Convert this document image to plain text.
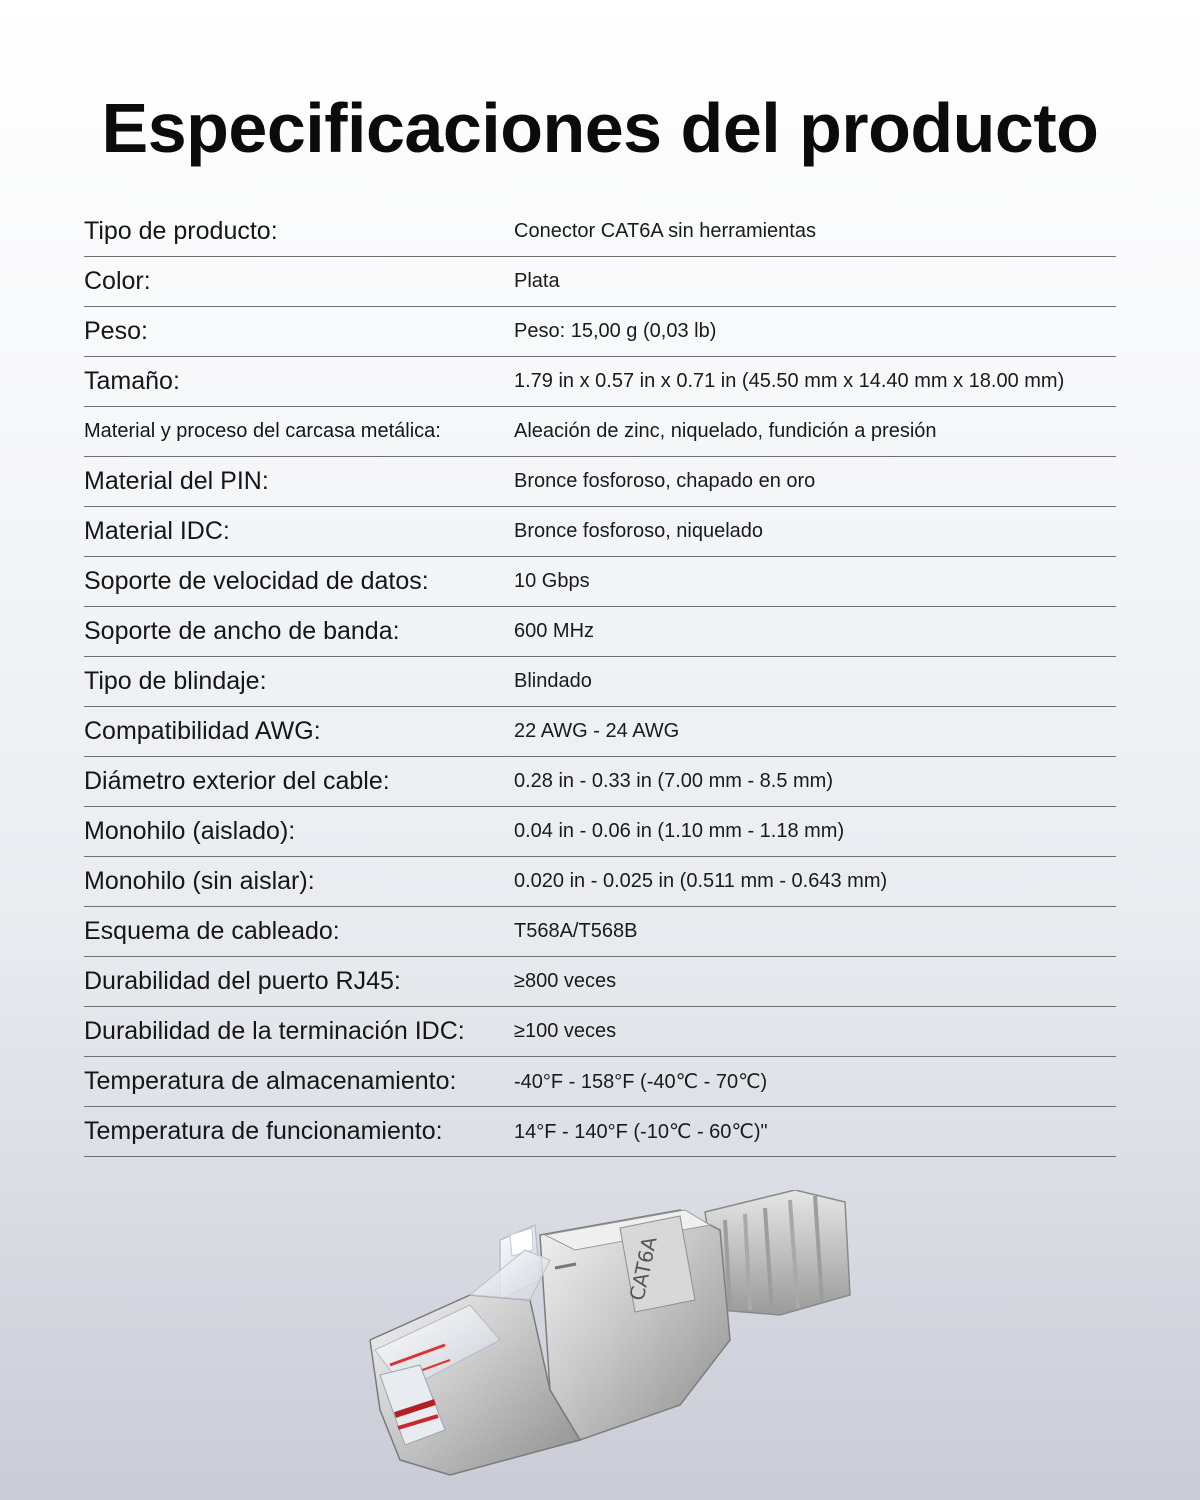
Especificaciones del producto
Tipo de producto:	Conector CAT6A sin herramientas
Color:	Plata
Peso:	Peso: 15,00 g (0,03 lb)
Tamaño:	1.79 in x 0.57 in x 0.71 in (45.50 mm x 14.40 mm x 18.00 mm)
Material y proceso del carcasa metálica:	Aleación de zinc, niquelado, fundición a presión
Material del PIN:	Bronce fosforoso, chapado en oro
Material IDC:	Bronce fosforoso, niquelado
Soporte de velocidad de datos:	10 Gbps
Soporte de ancho de banda:	600 MHz
Tipo de blindaje:	Blindado
Compatibilidad AWG:	22 AWG - 24 AWG
Diámetro exterior del cable:	0.28 in - 0.33 in (7.00 mm - 8.5 mm)
Monohilo (aislado):	0.04 in - 0.06 in (1.10 mm - 1.18 mm)
Monohilo (sin aislar):	0.020 in - 0.025 in (0.511 mm - 0.643 mm)
Esquema de cableado:	T568A/T568B
Durabilidad del puerto RJ45:	≥800 veces
Durabilidad de la terminación IDC:	≥100 veces
Temperatura de almacenamiento:	-40°F - 158°F (-40℃ - 70℃)
Temperatura de funcionamiento:	14°F - 140°F (-10℃ - 60℃)"
CAT6A
